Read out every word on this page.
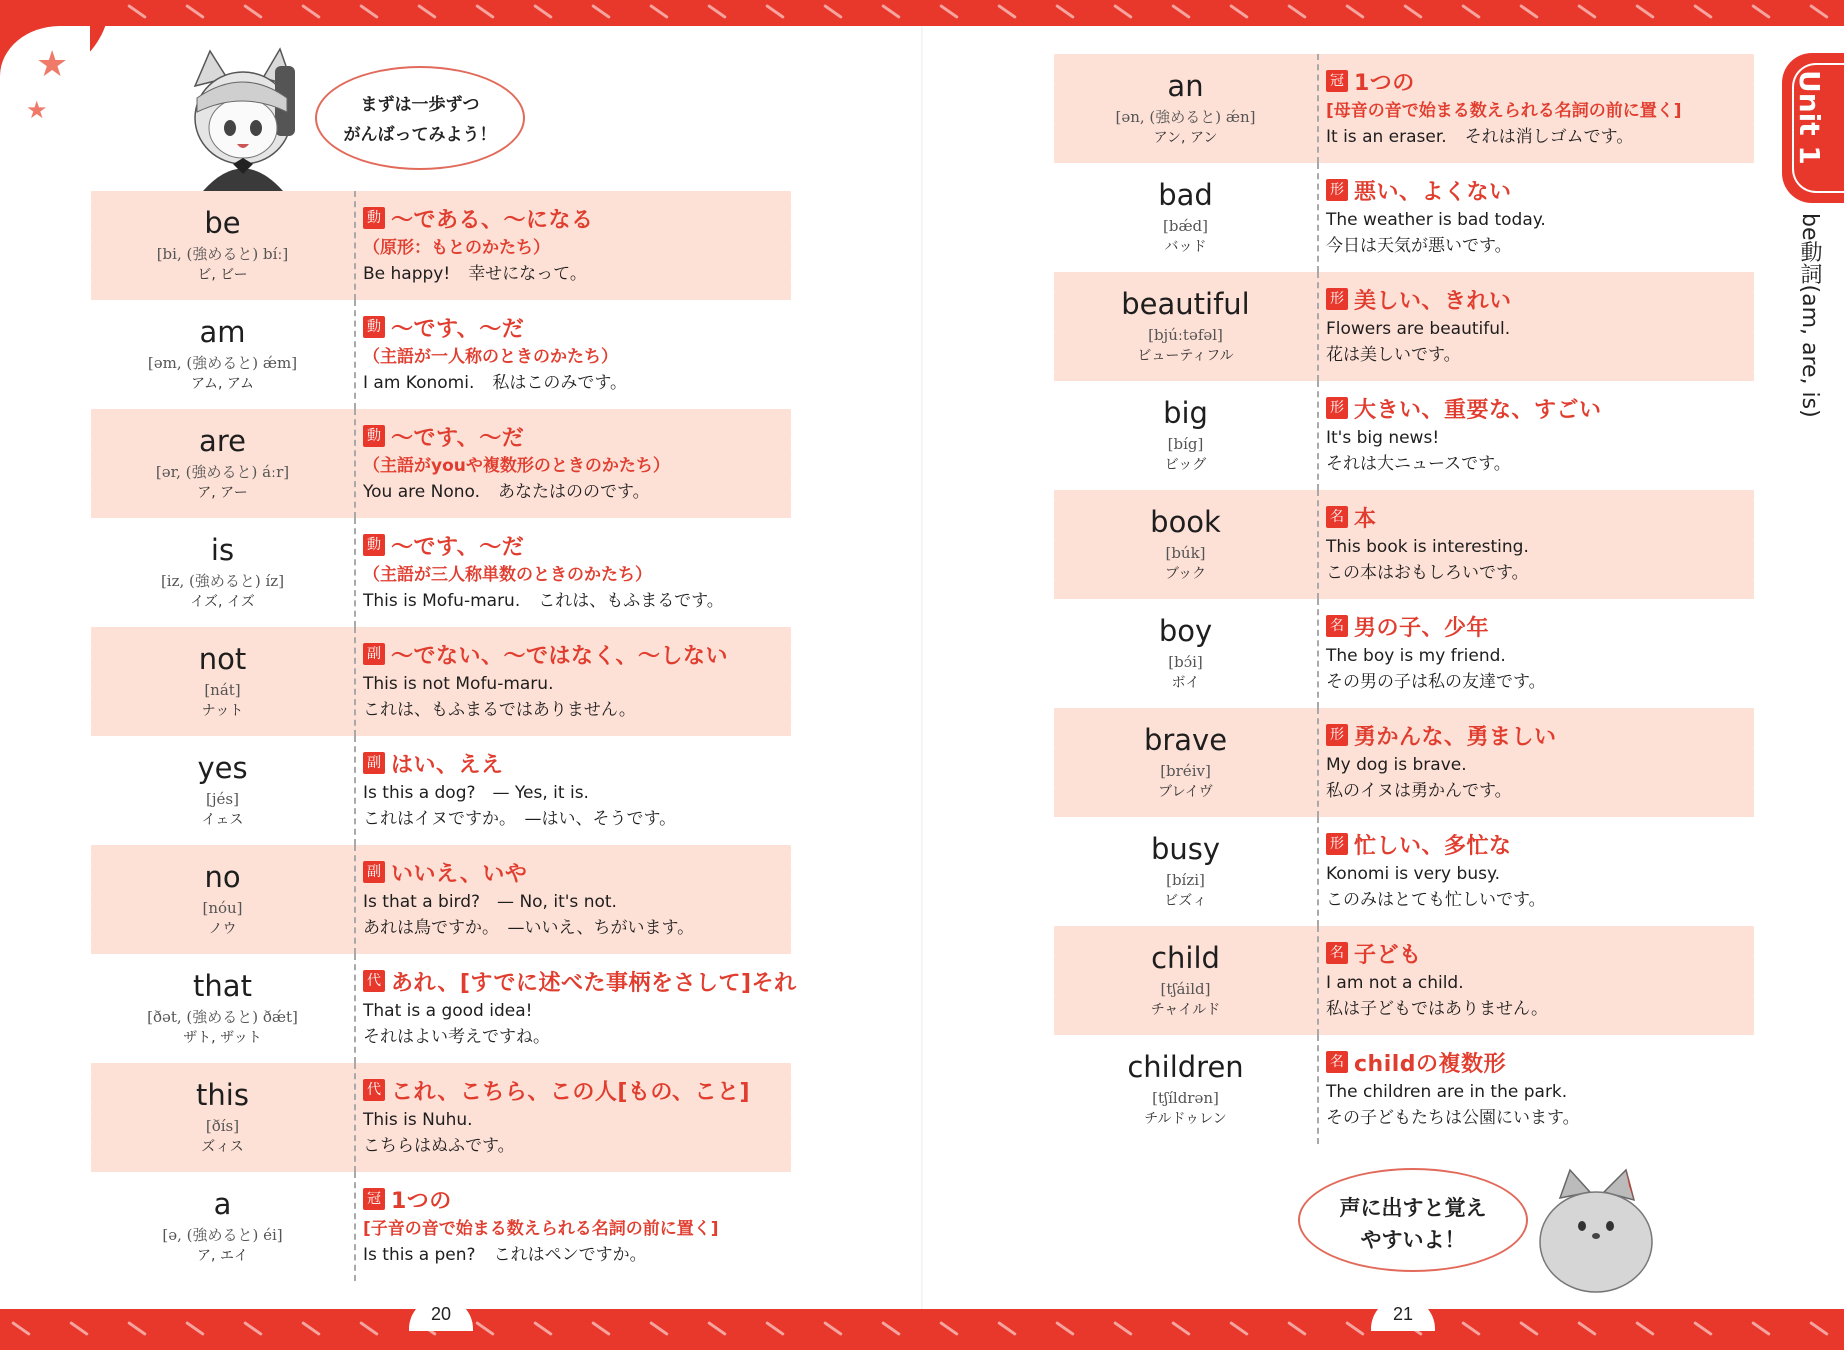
★
★	まずは一歩ずつ
がんばってみよう！
be
[bi, (強めると) bíː]
ビ, ビー
動 ～である、～になる
（原形：もとのかたち）
Be happy! 幸せになって。
am
[əm, (強めると) ǽm]
アム, アム
動 ～です、～だ
（主語が一人称のときのかたち）
I am Konomi. 私はこのみです。
are
[ər, (強めると) áːr]
ア, アー
動 ～です、～だ
（主語がyouや複数形のときのかたち）
You are Nono. あなたはののです。
is
[iz, (強めると) íz]
イズ, イズ
動 ～です、～だ
（主語が三人称単数のときのかたち）
This is Mofu-maru. これは、もふまるです。
not
[nát]
ナット
副 ～でない、～ではなく、～しない
This is not Mofu-maru.
これは、もふまるではありません。
yes
[jés]
イェス
副 はい、ええ
Is this a dog?　— Yes, it is.
これはイヌですか。　—はい、そうです。
no
[nóu]
ノウ
副 いいえ、いや
Is that a bird?　— No, it's not.
あれは鳥ですか。　—いいえ、ちがいます。
that
[ðət, (強めると) ðǽt]
ザト, ザット
代 あれ、[すでに述べた事柄をさして]それ
That is a good idea!
それはよい考えですね。
this
[ðís]
ズィス
代 これ、こちら、この人[もの、こと]
This is Nuhu.
こちらはぬふです。
a
[ə, (強めると) éi]
ア, エイ
冠 1つの
[子音の音で始まる数えられる名詞の前に置く]
Is this a pen? これはペンですか。
an
[ən, (強めると) ǽn]
アン, アン
冠 1つの
[母音の音で始まる数えられる名詞の前に置く]
It is an eraser. それは消しゴムです。
bad
[bǽd]
バッド
形 悪い、よくない
The weather is bad today.
今日は天気が悪いです。
beautiful
[bjúːtəfəl]
ビューティフル
形 美しい、きれい
Flowers are beautiful.
花は美しいです。
big
[bíg]
ビッグ
形 大きい、重要な、すごい
It's big news!
それは大ニュースです。
book
[búk]
ブック
名 本
This book is interesting.
この本はおもしろいです。
boy
[bɔ́i]
ボイ
名 男の子、少年
The boy is my friend.
その男の子は私の友達です。
brave
[bréiv]
ブレイヴ
形 勇かんな、勇ましい
My dog is brave.
私のイヌは勇かんです。
busy
[bízi]
ビズィ
形 忙しい、多忙な
Konomi is very busy.
このみはとても忙しいです。
child
[tʃáild]
チャイルド
名 子ども
I am not a child.
私は子どもではありません。
children
[tʃíldrən]
チルドゥレン
名 childの複数形
The children are in the park.
その子どもたちは公園にいます。
Unit 1
be動詞(am, are, is)
声に出すと覚え
やすいよ！
20	21
